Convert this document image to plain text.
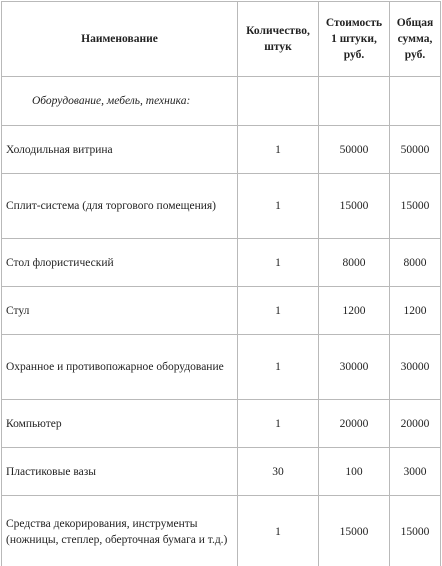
Наименование	Количество, штук	Стоимость 1 штуки, руб.	Общая сумма, руб.
Оборудование, мебель, техника:			
Холодильная витрина	1	50000	50000
Сплит-система (для торгового помещения)	1	15000	15000
Стол флористический	1	8000	8000
Стул	1	1200	1200
Охранное и противопожарное оборудование	1	30000	30000
Компьютер	1	20000	20000
Пластиковые вазы	30	100	3000
Средства декорирования, инструменты (ножницы, степлер, оберточная бумага и т.д.)	1	15000	15000
